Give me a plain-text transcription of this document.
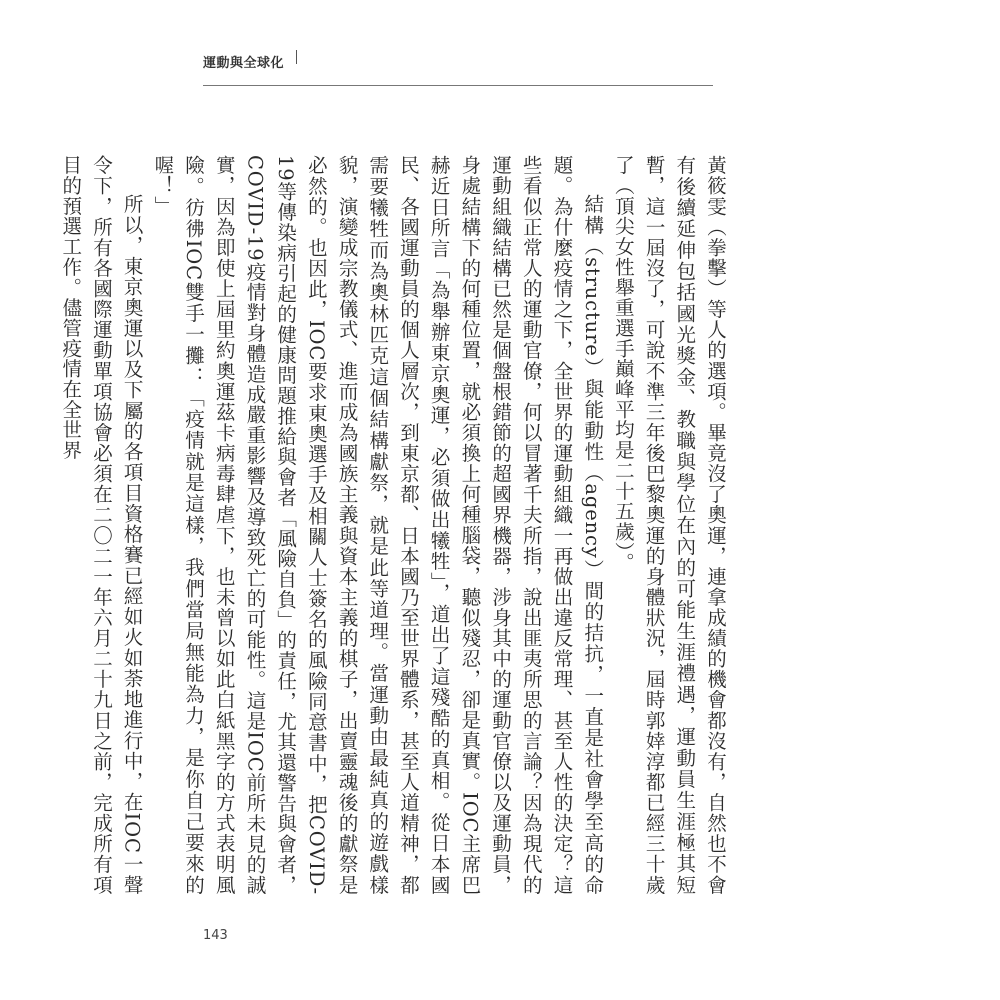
運動與全球化

黃筱雯（拳擊）等人的選項。畢竟沒了奧運，連拿成績的機會都沒有，自然也不會有後續延伸包括國光獎金、教職與學位在內的可能生涯禮遇，運動員生涯極其短暫，這一屆沒了，可說不準三年後巴黎奧運的身體狀況，屆時郭婞淳都已經三十歲了（頂尖女性舉重選手巔峰平均是二十五歲）。

結構（structure）與能動性（agency）間的拮抗，一直是社會學至高的命題。為什麼疫情之下，全世界的運動組織一再做出違反常理、甚至人性的決定？這些看似正常人的運動官僚，何以冒著千夫所指，說出匪夷所思的言論？因為現代的運動組織結構已然是個盤根錯節的超國界機器，涉身其中的運動官僚以及運動員，身處結構下的何種位置，就必須換上何種腦袋，聽似殘忍，卻是真實。IOC主席巴赫近日所言「為舉辦東京奧運，必須做出犧牲」，道出了這殘酷的真相。從日本國民、各國運動員的個人層次，到東京都、日本國乃至世界體系，甚至人道精神，都需要犧牲而為奧林匹克這個結構獻祭，就是此等道理。當運動由最純真的遊戲樣貌，演變成宗教儀式、進而成為國族主義與資本主義的棋子，出賣靈魂後的獻祭是必然的。也因此，IOC要求東奧選手及相關人士簽名的風險同意書中，把COVID-19等傳染病引起的健康問題推給與會者「風險自負」的責任，尤其還警告與會者，COVID-19疫情對身體造成嚴重影響及導致死亡的可能性。這是IOC前所未見的誠實，因為即使上屆里約奧運茲卡病毒肆虐下，也未曾以如此白紙黑字的方式表明風險。彷彿IOC雙手一攤：「疫情就是這樣，我們當局無能為力，是你自己要來的喔！」

所以，東京奧運以及下屬的各項目資格賽已經如火如荼地進行中，在IOC一聲令下，所有各國際運動單項協會必須在二〇二一年六月二十九日之前，完成所有項目的預選工作。儘管疫情在全世界

143
